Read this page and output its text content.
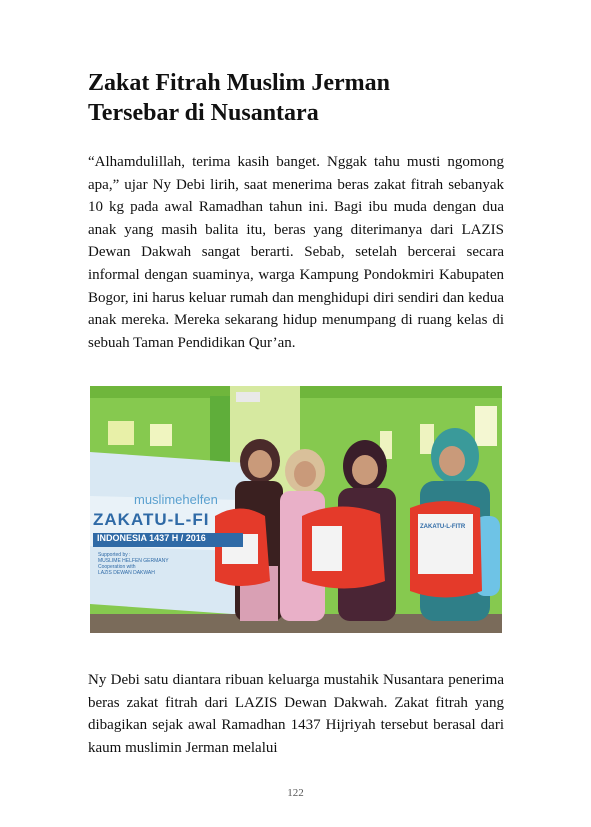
Zakat Fitrah Muslim Jerman
Tersebar di Nusantara

“Alhamdulillah, terima kasih banget. Nggak tahu musti ngomong apa,” ujar Ny Debi lirih, saat menerima beras zakat fitrah sebanyak 10 kg pada awal Ramadhan tahun ini. Bagi ibu muda dengan dua anak yang masih balita itu, beras yang diterimanya dari LAZIS Dewan Dakwah sangat berarti. Sebab, setelah bercerai secara informal dengan suaminya, warga Kampung Pondokmiri Kabupaten Bogor, ini harus keluar rumah dan menghidupi diri sendiri dan kedua anak mereka. Mereka sekarang hidup menumpang di ruang kelas di sebuah Taman Pendidikan Qur’an.

muslimehelfen
ZAKATU-L-FI
INDONESIA 1437 H / 2016
Supported by :
MUSLIME HELFEN GERMANY
Cooperation with
LAZIS DEWAN DAKWAH
ZAKATU-L-FITR

Ny Debi satu diantara ribuan keluarga mustahik Nusantara penerima beras zakat fitrah dari LAZIS Dewan Dakwah. Zakat fitrah yang dibagikan sejak awal Ramadhan 1437 Hijriyah tersebut berasal dari kaum muslimin Jerman melalui

122
